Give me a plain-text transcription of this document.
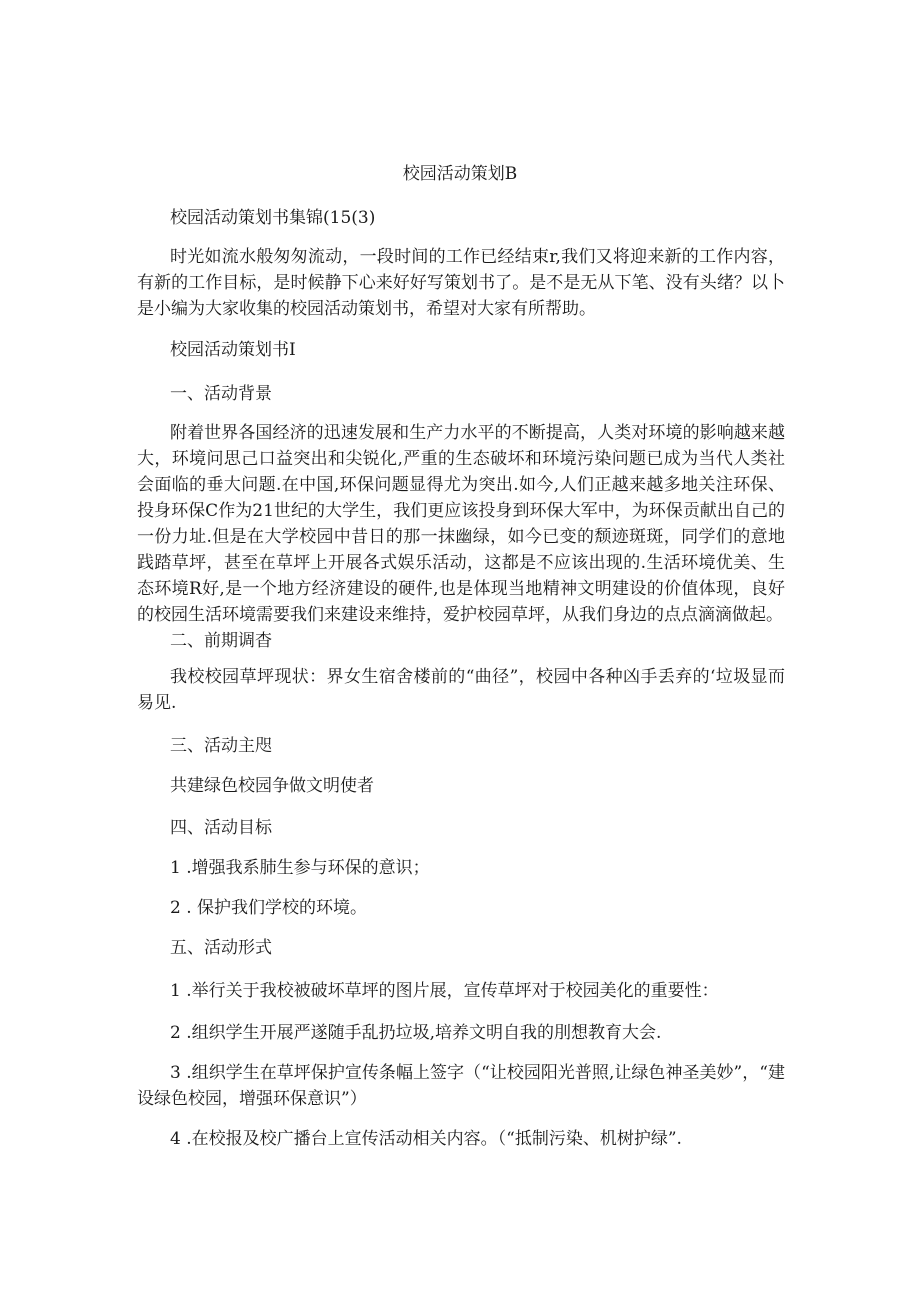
校园活动策划B

校园活动策划书集锦(15(3)

时光如流水般匆匆流动，一段时间的工作已经结束r,我们又将迎来新的工作内容，有新的工作目标，是时候静下心来好好写策划书了。是不是无从下笔、没有头绪？以卜是小编为大家收集的校园活动策划书，希望对大家有所帮助。

校园活动策划书I

一、活动背景

附着世界各国经济的迅速发展和生产力水平的不断提高，人类对环境的影响越来越大，环境问思己口益突出和尖锐化,严重的生态破坏和环境污染问题已成为当代人类社会面临的垂大问题.在中国,环保问题显得尤为突出.如今,人们正越来越多地关注环保、投身环保C作为21世纪的大学生，我们更应该投身到环保大军中，为环保贡献出自己的一份力址.但是在大学校园中昔日的那一抹幽绿，如今已变的颓迹斑斑，同学们的意地践踏草坪，甚至在草坪上开展各式娱乐活动，这都是不应该出现的.生活环境优美、生态环境R好,是一个地方经济建设的硬件,也是体现当地精神文明建设的价值体现，良好的校园生活环境需要我们来建设来维持，爱护校园草坪，从我们身边的点点滴滴做起。

二、前期调杳

我校校园草坪现状：界女生宿舍楼前的“曲径”，校园中各种凶手丢弃的‘垃圾显而易见.

三、活动主咫

共建绿色校园争做文明使者

四、活动目标

1 .增强我系肺生参与环保的意识；

2 . 保护我们学校的环境。

五、活动形式

1 .举行关于我校被破坏草坪的图片展，宣传草坪对于校园美化的重要性：

2 .组织学生开展严遂随手乱扔垃圾,培养文明自我的刖想教育大会.

3 .组织学生在草坪保护宣传条幅上签字（“让校园阳光普照,让绿色神圣美妙”，“建设绿色校园，增强环保意识”）

4 .在校报及校广播台上宣传活动相关内容。（“抵制污染、机树护绿”.
